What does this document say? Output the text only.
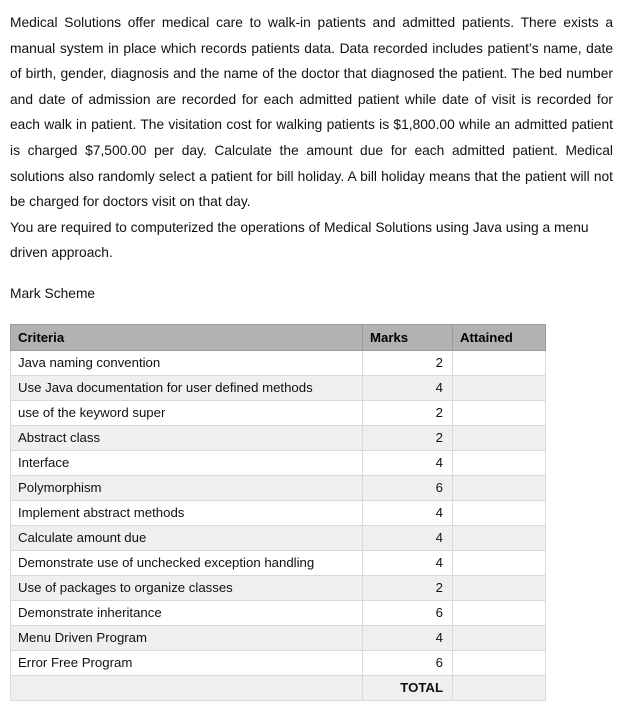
Medical Solutions offer medical care to walk-in patients and admitted patients. There exists a manual system in place which records patients data. Data recorded includes patient’s name, date of birth, gender, diagnosis and the name of the doctor that diagnosed the patient. The bed number and date of admission are recorded for each admitted patient while date of visit is recorded for each walk in patient. The visitation cost for walking patients is $1,800.00 while an admitted patient is charged $7,500.00 per day. Calculate the amount due for each admitted patient. Medical solutions also randomly select a patient for bill holiday. A bill holiday means that the patient will not be charged for doctors visit on that day.

You are required to computerized the operations of Medical Solutions using Java using a menu driven approach.

Mark Scheme
Criteria	Marks	Attained
Java naming convention	2	
Use Java documentation for user defined methods	4	
use of the keyword super	2	
Abstract class	2	
Interface	4	
Polymorphism	6	
Implement abstract methods	4	
Calculate amount due	4	
Demonstrate use of unchecked exception handling	4	
Use of packages to organize classes	2	
Demonstrate inheritance	6	
Menu Driven Program	4	
Error Free Program	6	
	TOTAL	
